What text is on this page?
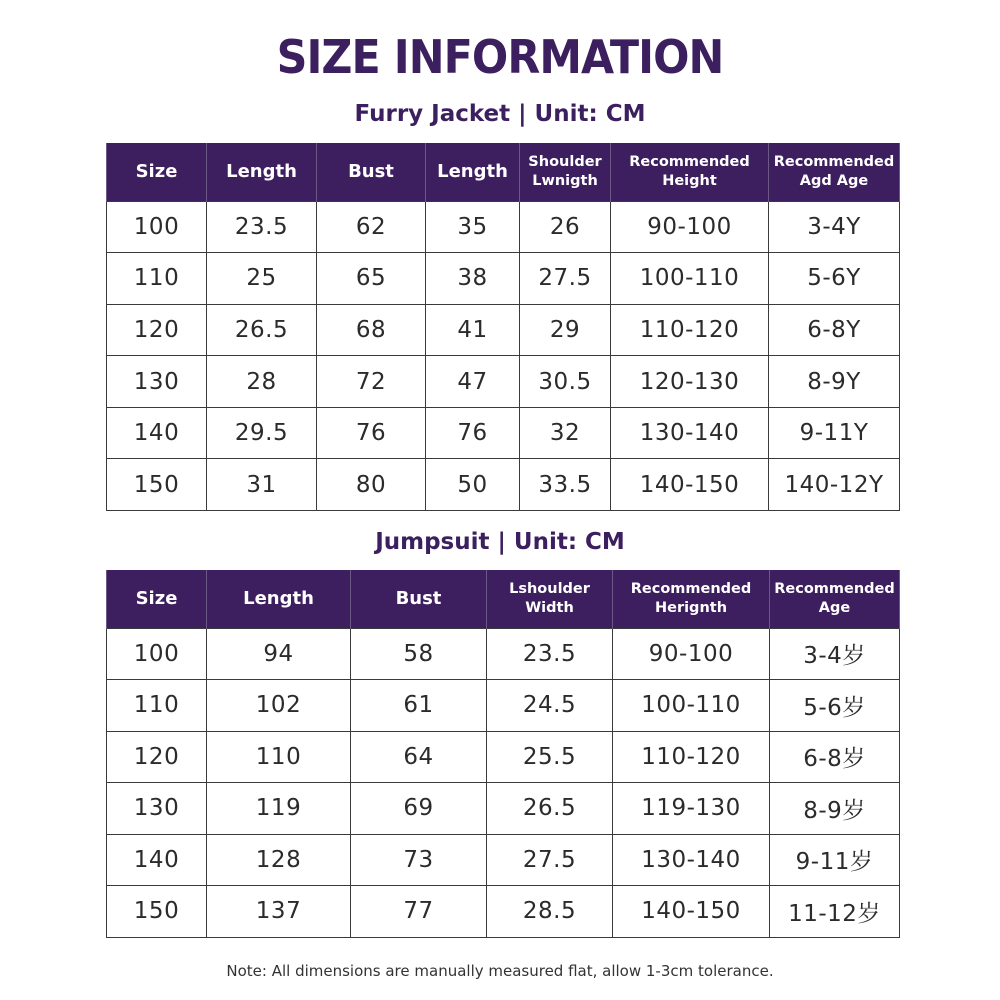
SIZE INFORMATION
Furry Jacket | Unit: CM
Size	Length	Bust	Length	Shoulder Lwnigth	Recommended Height	Recommended Agd Age
100	23.5	62	35	26	90-100	3-4Y
110	25	65	38	27.5	100-110	5-6Y
120	26.5	68	41	29	110-120	6-8Y
130	28	72	47	30.5	120-130	8-9Y
140	29.5	76	76	32	130-140	9-11Y
150	31	80	50	33.5	140-150	140-12Y
Jumpsuit | Unit: CM
Size	Length	Bust	Lshoulder Width	Recommended Herignth	Recommended Age
100	94	58	23.5	90-100	3-4岁
110	102	61	24.5	100-110	5-6岁
120	110	64	25.5	110-120	6-8岁
130	119	69	26.5	119-130	8-9岁
140	128	73	27.5	130-140	9-11岁
150	137	77	28.5	140-150	11-12岁
Note: All dimensions are manually measured flat, allow 1-3cm tolerance.
